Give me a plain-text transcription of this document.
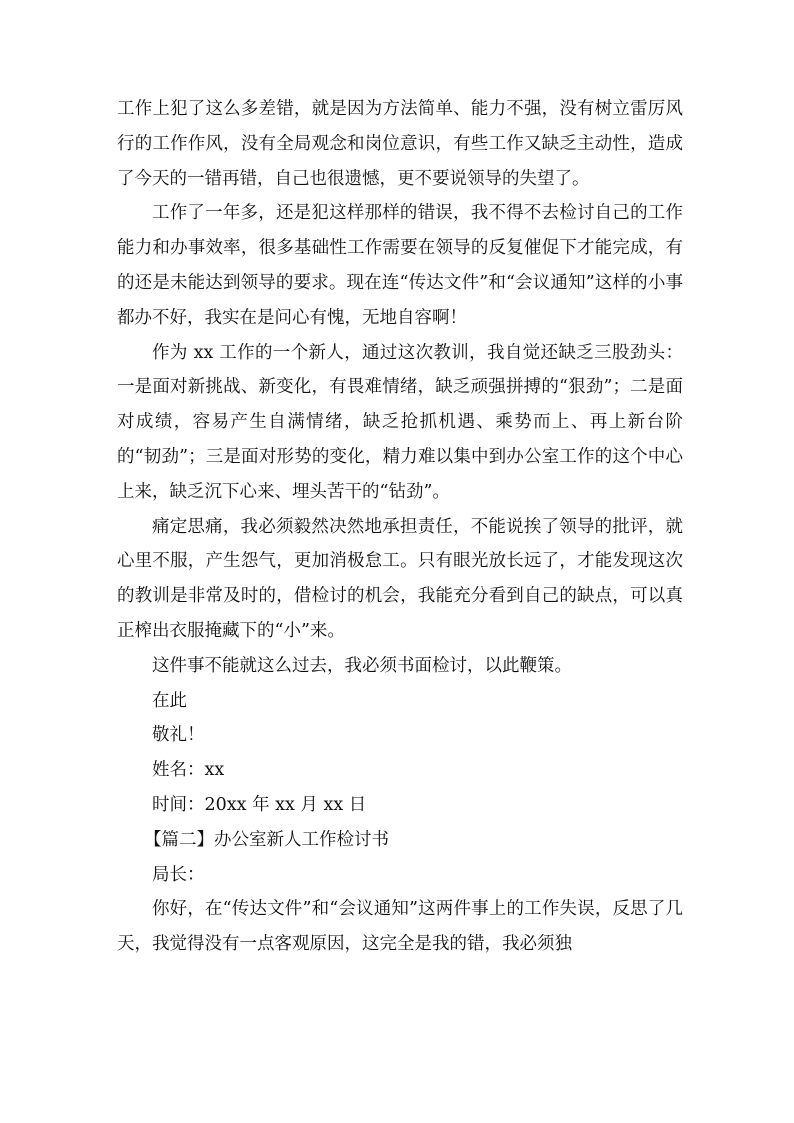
工作上犯了这么多差错，就是因为方法简单、能力不强，没有树立雷厉风行的工作作风，没有全局观念和岗位意识，有些工作又缺乏主动性，造成了今天的一错再错，自己也很遗憾，更不要说领导的失望了。

工作了一年多，还是犯这样那样的错误，我不得不去检讨自己的工作能力和办事效率，很多基础性工作需要在领导的反复催促下才能完成，有的还是未能达到领导的要求。现在连“传达文件”和“会议通知”这样的小事都办不好，我实在是问心有愧，无地自容啊！

作为 xx 工作的一个新人，通过这次教训，我自觉还缺乏三股劲头：一是面对新挑战、新变化，有畏难情绪，缺乏顽强拼搏的“狠劲”；二是面对成绩，容易产生自满情绪，缺乏抢抓机遇、乘势而上、再上新台阶的“韧劲”；三是面对形势的变化，精力难以集中到办公室工作的这个中心上来，缺乏沉下心来、埋头苦干的“钻劲”。

痛定思痛，我必须毅然决然地承担责任，不能说挨了领导的批评，就心里不服，产生怨气，更加消极怠工。只有眼光放长远了，才能发现这次的教训是非常及时的，借检讨的机会，我能充分看到自己的缺点，可以真正榨出衣服掩藏下的“小”来。

这件事不能就这么过去，我必须书面检讨，以此鞭策。

在此

敬礼！

姓名：xx

时间：20xx 年 xx 月 xx 日

【篇二】办公室新人工作检讨书

局长：

你好，在“传达文件”和“会议通知”这两件事上的工作失误，反思了几天，我觉得没有一点客观原因，这完全是我的错，我必须独
